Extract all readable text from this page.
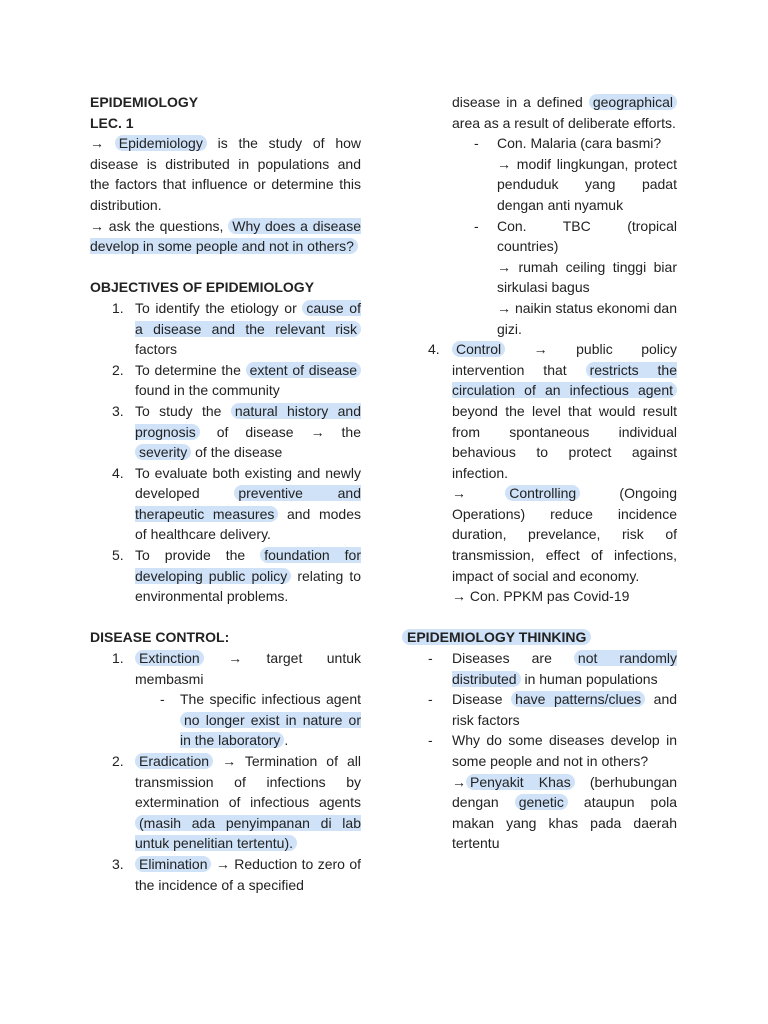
EPIDEMIOLOGY
LEC. 1
→ Epidemiology is the study of how disease is distributed in populations and the factors that influence or determine this distribution.
→ ask the questions, Why does a disease develop in some people and not in others?
OBJECTIVES OF EPIDEMIOLOGY
1. To identify the etiology or cause of a disease and the relevant risk factors
2. To determine the extent of disease found in the community
3. To study the natural history and prognosis of disease → the severity of the disease
4. To evaluate both existing and newly developed	preventive and therapeutic measures and modes of healthcare delivery.
5. To provide the foundation for developing public policy relating to environmental problems.
DISEASE CONTROL:
1. Extinction → target untuk membasmi
- The specific infectious agent no longer exist in nature or in the laboratory .
2. Eradication → Termination of all transmission of infections by extermination of infectious agents (masih ada penyimpanan di lab untuk penelitian tertentu).
3. Elimination → Reduction to zero of the incidence of a specified
disease in a defined geographical area as a result of deliberate efforts.
- Con. Malaria (cara basmi?
→ modif lingkungan, protect penduduk yang padat dengan anti nyamuk
- Con. TBC (tropical countries)
→ rumah ceiling tinggi biar sirkulasi bagus
→ naikin status ekonomi dan gizi.
4. Control → public policy intervention that restricts the circulation of an infectious agent beyond the level that would result from spontaneous individual behavious to protect against infection.
→	Controlling	(Ongoing Operations) reduce incidence duration, prevelance, risk of transmission, effect of infections, impact of social and economy.
→ Con. PPKM pas Covid-19
EPIDEMIOLOGY THINKING
- Diseases are not randomly distributed in human populations
- Disease have patterns/clues and risk factors
- Why do some diseases develop in some people and not in others?
→ Penyakit Khas (berhubungan dengan genetic ataupun pola makan yang khas pada daerah tertentu
